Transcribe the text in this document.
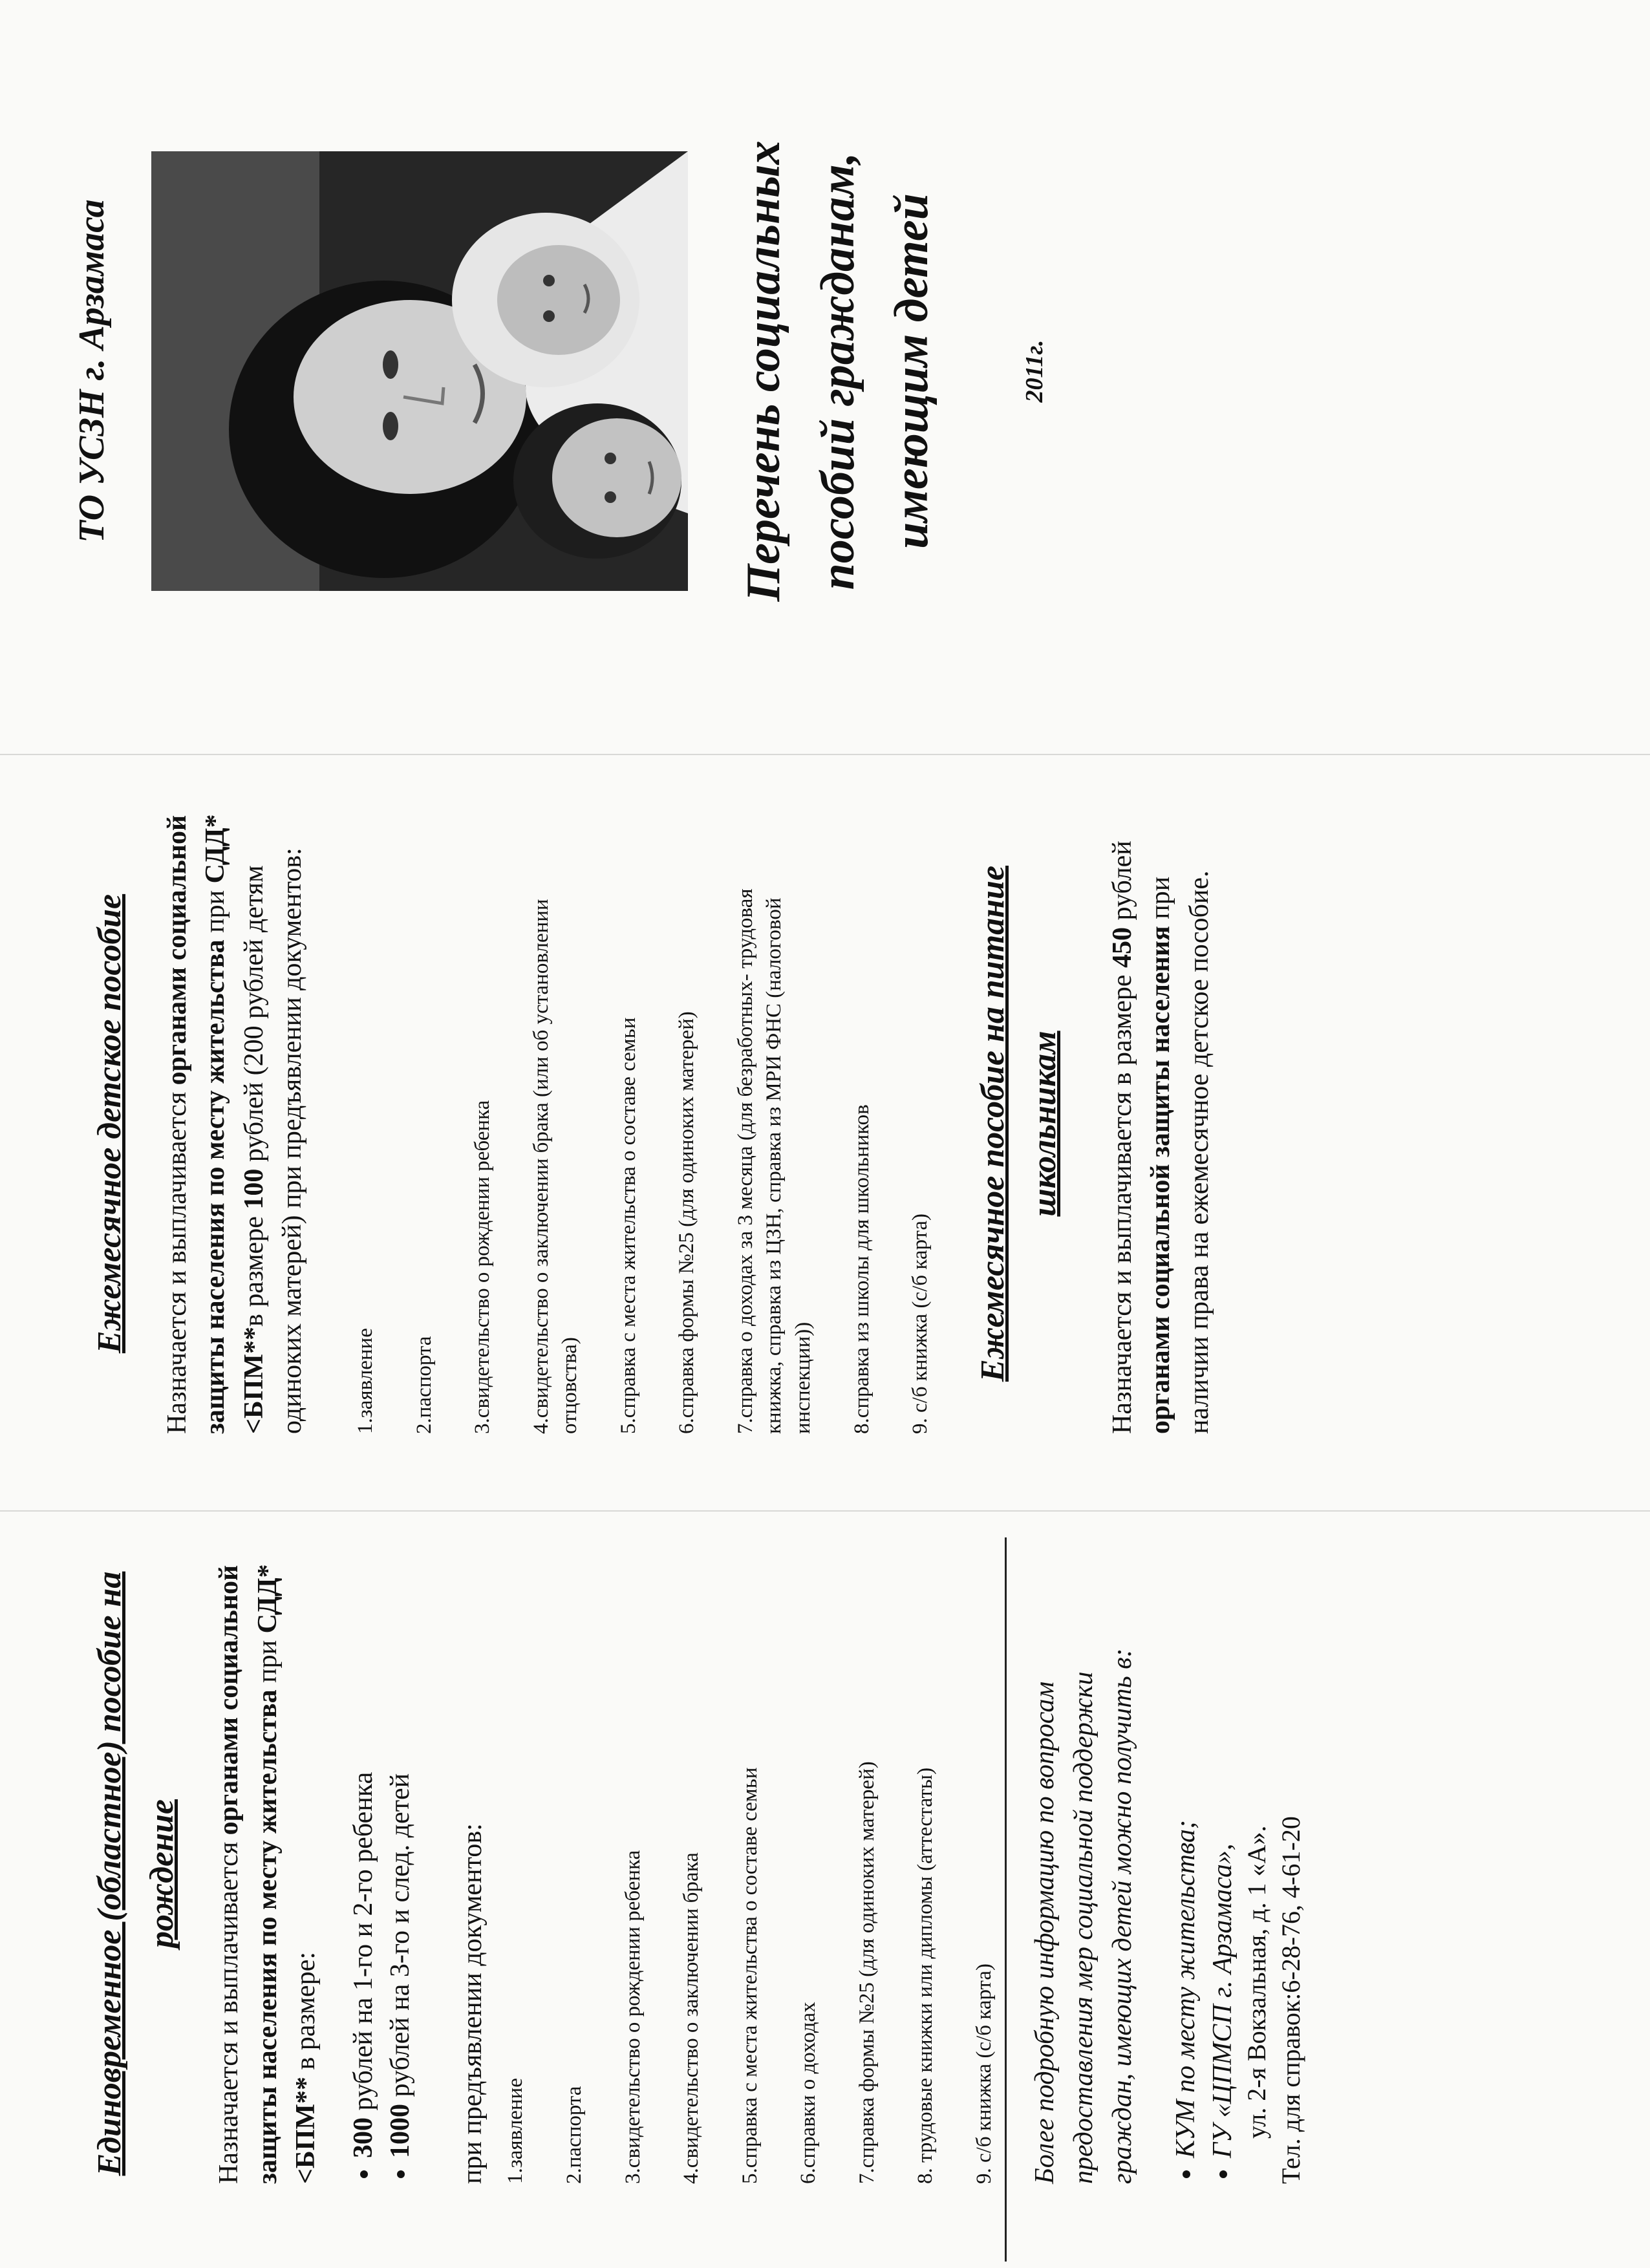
Единовременное (областное) пособие на рождение Назначается и выплачивается органами социальной защиты населения по месту жительства при СДД*<БПМ** в размере:

• 300 рублей на 1-го и 2-го ребенка
• 1000 рублей на 3-го и след. детей при предъявлении документов: 1.заявление 2.паспорта 3.свидетельство о рождении ребенка 4.свидетельство о заключении брака 5.справка с места жительства о составе семьи 6.справки о доходах 7.справка формы №25 (для одиноких матерей) 8. трудовые книжки или дипломы (аттестаты) 9. с/б книжка (с/б карта) Более подробную информацию по вопросам предоставления мер социальной поддержки граждан, имеющих детей можно получить в: • КУМ по месту жительства; • ГУ «ЦПМСП г. Арзамаса», ул. 2-я Вокзальная, д. 1 «А». Тел. для справок:6-28-76, 4-61-20

Ежемесячное детское пособие Назначается и выплачивается органами социальной защиты населения по месту жительства при СДД*<БПМ**в размере 100 рублей (200 рублей детям одиноких матерей) при предъявлении документов: 1.заявление 2.паспорта 3.свидетельство о рождении ребенка 4.свидетельство о заключении брака (или об установлении отцовства) 5.справка с места жительства о составе семьи 6.справка формы №25 (для одиноких матерей) 7.справка о доходах за 3 месяца (для безработных- трудовая книжка, справка из ЦЗН, справка из МРИ ФНС (налоговой инспекции)) 8.справка из школы для школьников 9. с/б книжка (с/б карта) Ежемесячное пособие на питание школьникам Назначается и выплачивается в размере 450 рублей органами социальной защиты населения при наличии права на ежемесячное детское пособие.

ТО УСЗН г. Арзамаса	Перечень социальных пособий гражданам, имеющим детей	2011г.
